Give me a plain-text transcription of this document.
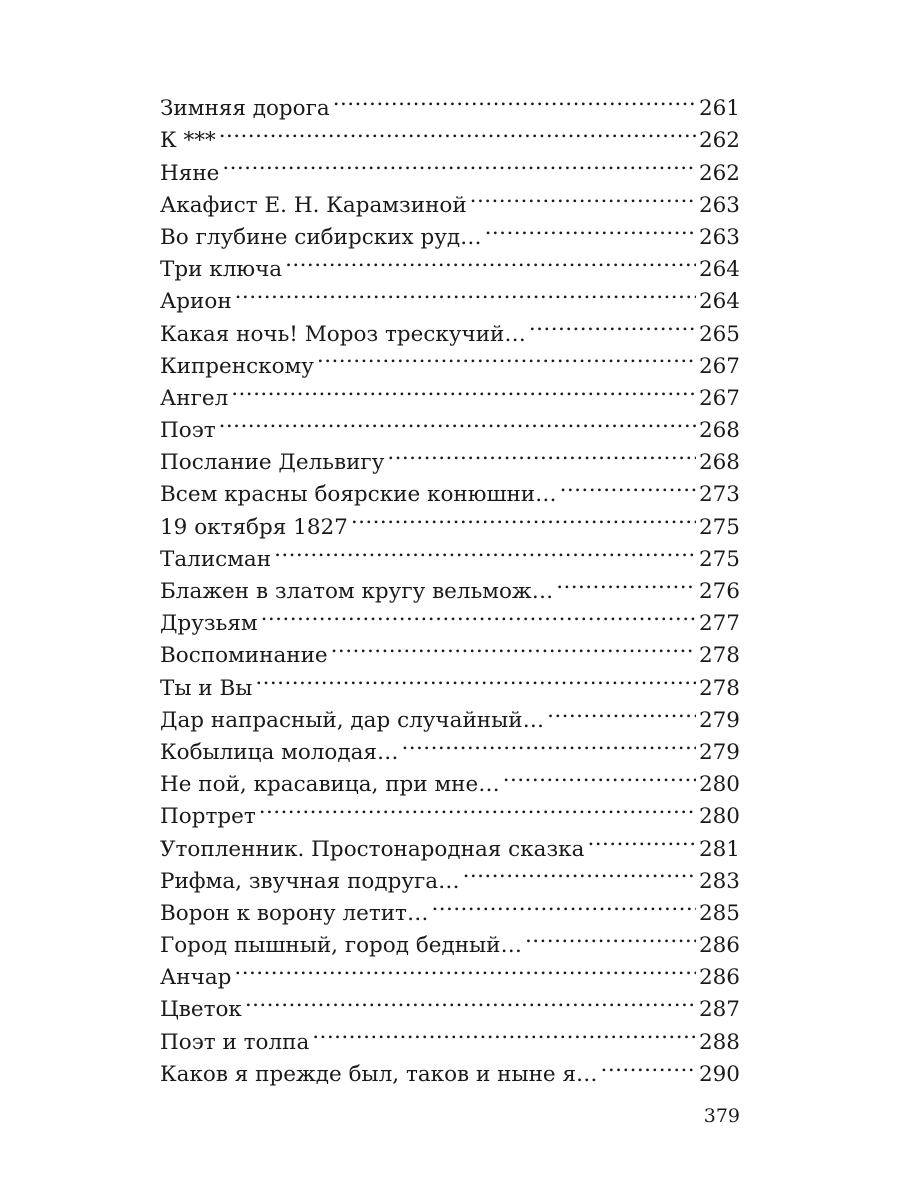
Зимняя дорога . . .	261
К *** . . .	262
Няне . . .	262
Акафист Е. Н. Карамзиной . . .	263
Во глубине сибирских руд… . . .	263
Три ключа . . .	264
Арион . . .	264
Какая ночь! Мороз трескучий… . . .	265
Кипренскому . . .	267
Ангел . . .	267
Поэт . . .	268
Послание Дельвигу . . .	268
Всем красны боярские конюшни… . . .	273
19 октября 1827 . . .	275
Талисман . . .	275
Блажен в златом кругу вельмож… . . .	276
Друзьям . . .	277
Воспоминание . . .	278
Ты и Вы . . .	278
Дар напрасный, дар случайный… . . .	279
Кобылица молодая… . . .	279
Не пой, красавица, при мне… . . .	280
Портрет . . .	280
Утопленник. Простонародная сказка . . .	281
Рифма, звучная подруга… . . .	283
Ворон к ворону летит… . . .	285
Город пышный, город бедный… . . .	286
Анчар . . .	286
Цветок . . .	287
Поэт и толпа . . .	288
Каков я прежде был, таков и ныне я… . . .	290
379
